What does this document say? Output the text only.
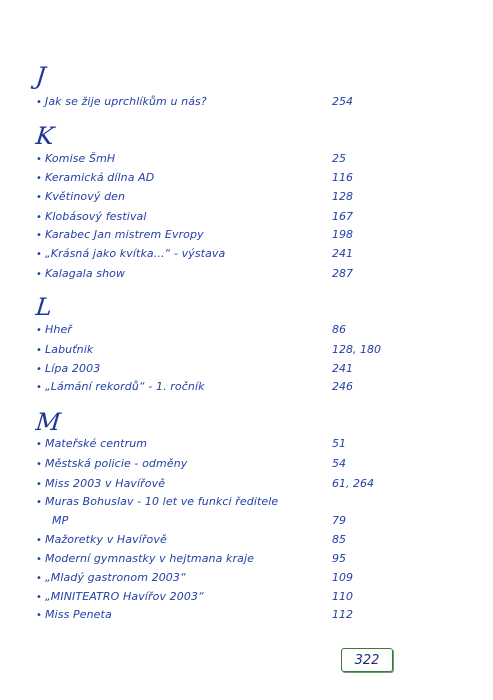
J
• Jak se žije uprchlíkům u nás?	254
K
• Komise ŠmH	25
• Keramická dílna AD	116
• Květinový den	128
• Klobásový festival	167
• Karabec Jan mistrem Evropy	198
• „Krásná jako kvítka...“ - výstava	241
• Kalagala show	287
L
• Hheř	86
• Labuťnik	128, 180
• Lípa 2003	241
• „Lámání rekordů“ - 1. ročník	246
M
• Mateřské centrum	51
• Městská policie - odměny	54
• Miss 2003 v Havířově	61, 264
• Muras Bohuslav - 10 let ve funkci ředitele
MP	79
• Mažoretky v Havířově	85
• Moderní gymnastky v hejtmana kraje	95
• „Mladý gastronom 2003“	109
• „MINITEATRO Havířov 2003“	110
• Miss Peneta	112
322
